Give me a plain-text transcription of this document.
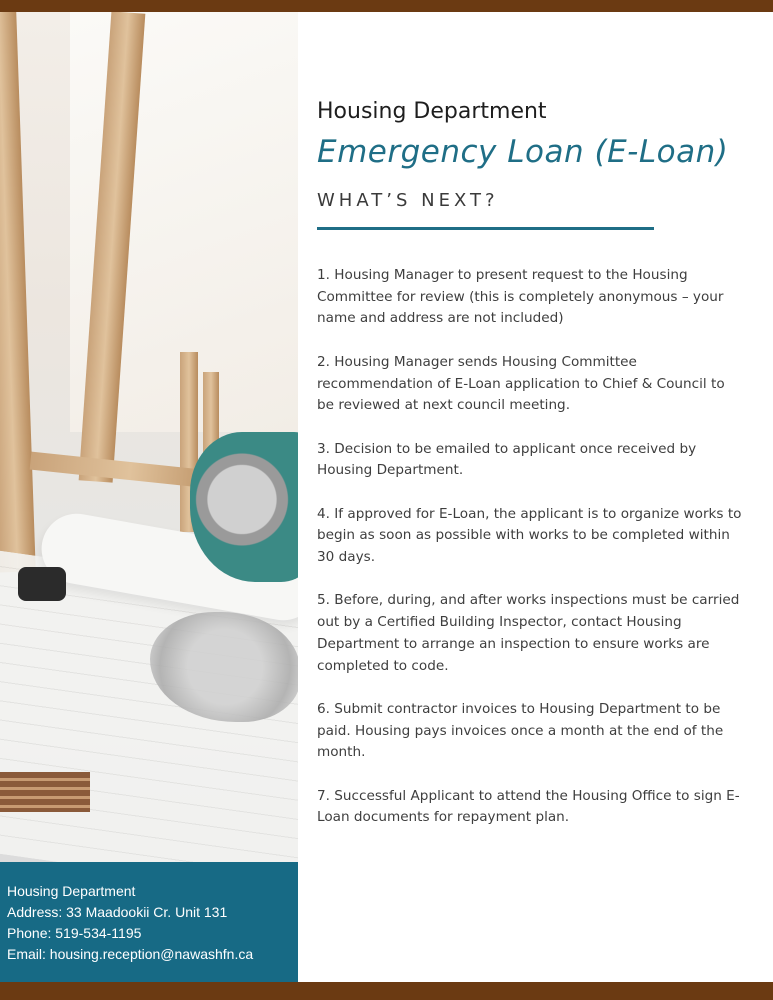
Housing Department
Address: 33 Maadookii Cr. Unit 131
Phone: 519-534-1195
Email: housing.reception@nawashfn.ca
Housing Department
Emergency Loan (E-Loan)
WHAT’S NEXT?

1. Housing Manager to present request to the Housing Committee for review (this is completely anonymous – your name and address are not included)

2. Housing Manager sends Housing Committee recommendation of E-Loan application to Chief & Council to be reviewed at next council meeting.

3. Decision to be emailed to applicant once received by Housing Department.

4. If approved for E-Loan, the applicant is to organize works to begin as soon as possible with works to be completed within 30 days.

5. Before, during, and after works inspections must be carried out by a Certified Building Inspector, contact Housing Department to arrange an inspection to ensure works are completed to code.

6. Submit contractor invoices to Housing Department to be paid. Housing pays invoices once a month at the end of the month.

7. Successful Applicant to attend the Housing Office to sign E-Loan documents for repayment plan.
